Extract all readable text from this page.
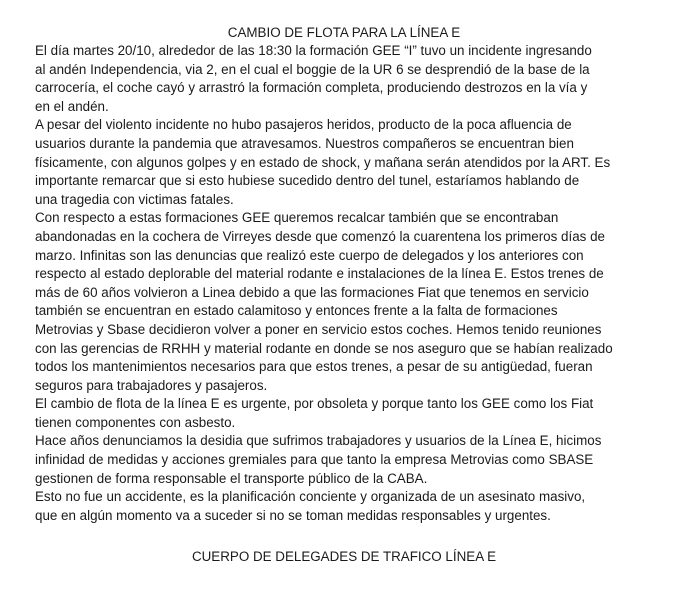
CAMBIO DE FLOTA PARA LA LÍNEA E
El día martes 20/10, alrededor de las 18:30 la formación GEE “I” tuvo un incidente ingresando
al andén Independencia, via 2, en el cual el boggie de la UR 6 se desprendió de la base de la
carrocería, el coche cayó y arrastró la formación completa, produciendo destrozos en la vía y
en el andén.
A pesar del violento incidente no hubo pasajeros heridos, producto de la poca afluencia de
usuarios durante la pandemia que atravesamos. Nuestros compañeros se encuentran bien
físicamente, con algunos golpes y en estado de shock, y mañana serán atendidos por la ART. Es
importante remarcar que si esto hubiese sucedido dentro del tunel, estaríamos hablando de
una tragedia con victimas fatales.
Con respecto a estas formaciones GEE queremos recalcar también que se encontraban
abandonadas en la cochera de Virreyes desde que comenzó la cuarentena los primeros días de
marzo. Infinitas son las denuncias que realizó este cuerpo de delegados y los anteriores con
respecto al estado deplorable del material rodante e instalaciones de la línea E. Estos trenes de
más de 60 años volvieron a Linea debido a que las formaciones Fiat que tenemos en servicio
también se encuentran en estado calamitoso y entonces frente a la falta de formaciones
Metrovias y Sbase decidieron volver a poner en servicio estos coches. Hemos tenido reuniones
con las gerencias de RRHH y material rodante en donde se nos aseguro que se habían realizado
todos los mantenimientos necesarios para que estos trenes, a pesar de su antigüedad, fueran
seguros para trabajadores y pasajeros.
El cambio de flota de la línea E es urgente, por obsoleta y porque tanto los GEE como los Fiat
tienen componentes con asbesto.
Hace años denunciamos la desidia que sufrimos trabajadores y usuarios de la Línea E, hicimos
infinidad de medidas y acciones gremiales para que tanto la empresa Metrovias como SBASE
gestionen de forma responsable el transporte público de la CABA.
Esto no fue un accidente, es la planificación conciente y organizada de un asesinato masivo,
que en algún momento va a suceder si no se toman medidas responsables y urgentes.
CUERPO DE DELEGADES DE TRAFICO LÍNEA E
